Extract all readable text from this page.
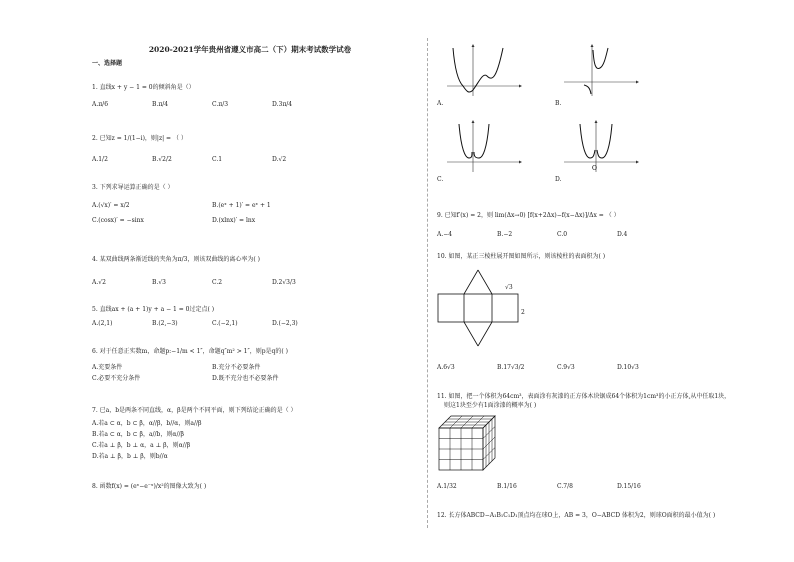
2020-2021学年贵州省遵义市高二（下）期末考试数学试卷
一、选择题
1. 直线x + y − 1 = 0的倾斜角是（）
A.π/6	B.π/4	C.π/3	D.3π/4
2. 已知z = 1/(1−i)，则|z| = （ ）
A.1/2	B.√2/2	C.1	D.√2
3. 下列求导运算正确的是（ ）
A.(√x)′ = x/2	B.(eˣ + 1)′ = eˣ + 1
C.(cosx)′ = −sinx	D.(xlnx)′ = lnx
4. 某双曲线两条渐近线的夹角为π/3，则该双曲线的离心率为( )
A.√2	B.√3	C.2	D.2√3/3
5. 直线ax + (a + 1)y + a − 1 = 0过定点( )
A.(2,1)	B.(2,−3)	C.(−2,1)	D.(−2,3)
6. 对于任意正实数m，命题p:−1/m < 1″，命题q″m² > 1″，则p是q的( )
A.充要条件	B.充分不必要条件
C.必要不充分条件	D.既不充分也不必要条件
7. 已a，b是两条不同直线，α，β是两个不同平面，则下列结论正确的是（ ）
A.若a ⊂ α，b ⊂ β，α//β，b//α，则a//β
B.若a ⊂ α，b ⊂ β，a//b，则α//β
C.若a ⊥ β，b ⊥ α，a ⊥ β，则α//β
D.若a ⊥ β，b ⊥ β，则b//α
8. 函数f(x) = (eˣ−e⁻ˣ)/x²的图像大致为( )
A.	B.
C.
O
D.
9. 已知f′(x) = 2，则 lim(Δx→0) [f(x+2Δx)−f(x−Δx)]/Δx = （ ）
A.−4	B.−2	C.0	D.4
10. 如图，某正三棱柱展开图如图所示，则该棱柱的表面积为( )
√3
2
A.6√3	B.17√3/2	C.9√3	D.10√3
11. 如图，把一个体积为64cm³，表面涂有灰漆的正方体木块锯成64个体积为1cm³的小正方体,从中任取1块，
则这1块至少有1面涂漆的概率为( )
A.1/32	B.1/16	C.7/8	D.15/16
12. 长方体ABCD−A₁B₁C₁D₁顶点均在球O上，AB = 3，O−ABCD 体积为2，则球O面积的最小值为( )
